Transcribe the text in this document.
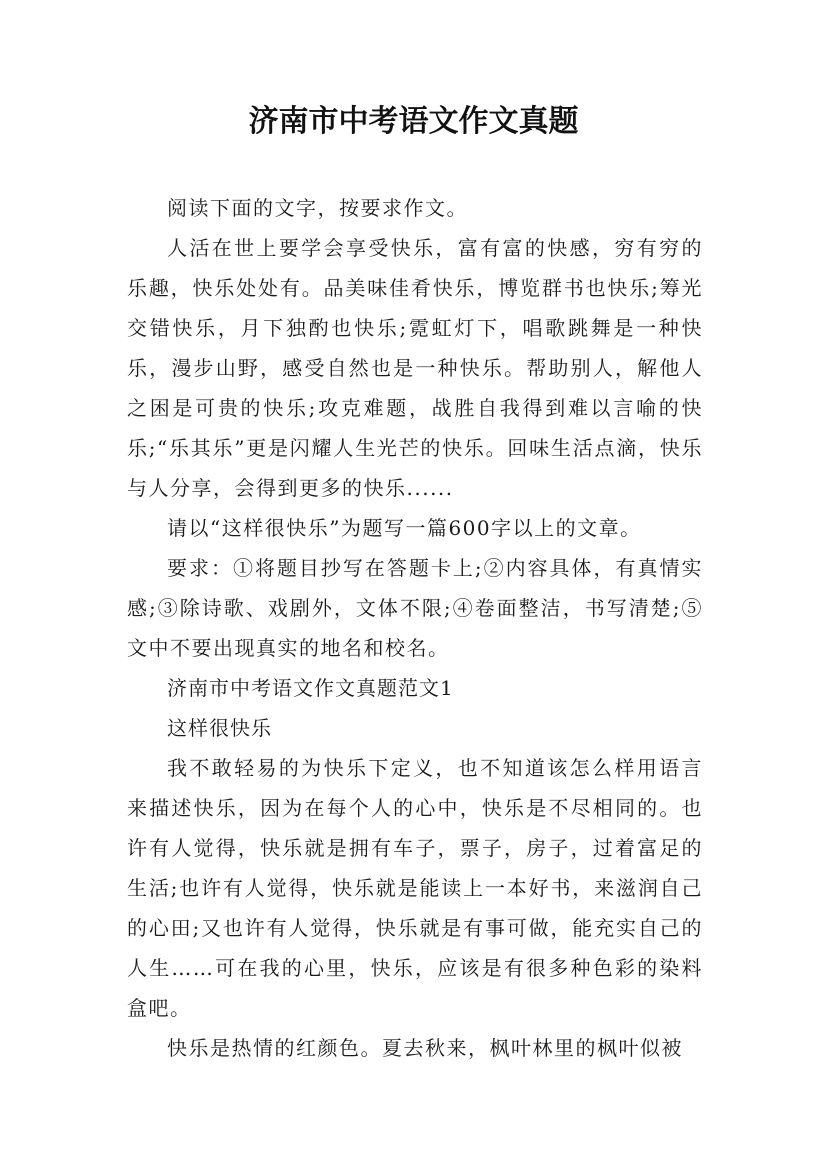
济南市中考语文作文真题

阅读下面的文字，按要求作文。

人活在世上要学会享受快乐，富有富的快感，穷有穷的乐趣，快乐处处有。品美味佳肴快乐，博览群书也快乐;筹光交错快乐，月下独酌也快乐;霓虹灯下，唱歌跳舞是一种快乐，漫步山野，感受自然也是一种快乐。帮助别人，解他人之困是可贵的快乐;攻克难题，战胜自我得到难以言喻的快乐;“乐其乐”更是闪耀人生光芒的快乐。回味生活点滴，快乐与人分享，会得到更多的快乐......

请以“这样很快乐”为题写一篇600字以上的文章。

要求：①将题目抄写在答题卡上;②内容具体，有真情实感;③除诗歌、戏剧外，文体不限;④卷面整洁，书写清楚;⑤文中不要出现真实的地名和校名。

济南市中考语文作文真题范文1

这样很快乐

我不敢轻易的为快乐下定义，也不知道该怎么样用语言来描述快乐，因为在每个人的心中，快乐是不尽相同的。也许有人觉得，快乐就是拥有车子，票子，房子，过着富足的生活;也许有人觉得，快乐就是能读上一本好书，来滋润自己的心田;又也许有人觉得，快乐就是有事可做，能充实自己的人生……可在我的心里，快乐，应该是有很多种色彩的染料盒吧。

快乐是热情的红颜色。夏去秋来，枫叶林里的枫叶似被
